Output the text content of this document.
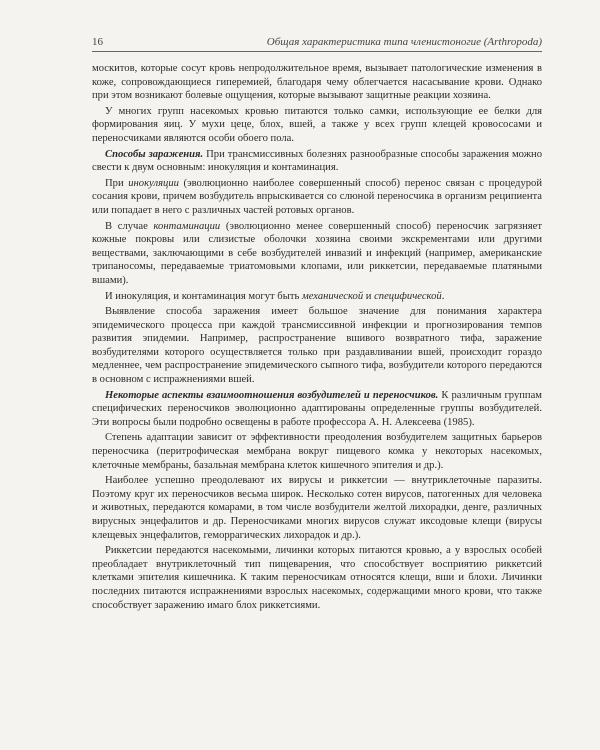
16	Общая характеристика типа членистоногие (Arthropoda)

москитов, которые сосут кровь непродолжительное время, вызывает патологические изменения в коже, сопровождающиеся гиперемией, благодаря чему облегчается насасывание крови. Однако при этом возникают болевые ощущения, которые вызывают защитные реакции хозяина.

У многих групп насекомых кровью питаются только самки, использующие ее белки для формирования яиц. У мухи цеце, блох, вшей, а также у всех групп клещей кровососами и переносчиками являются особи обоего пола.

Способы заражения. При трансмиссивных болезнях разнообразные способы заражения можно свести к двум основным: инокуляция и контаминация.

При инокуляции (эволюционно наиболее совершенный способ) перенос связан с процедурой сосания крови, причем возбудитель впрыскивается со слюной переносчика в организм реципиента или попадает в него с различных частей ротовых органов.

В случае контаминации (эволюционно менее совершенный способ) переносчик загрязняет кожные покровы или слизистые оболочки хозяина своими экскрементами или другими веществами, заключающими в себе возбудителей инвазий и инфекций (например, американские трипаносомы, передаваемые триатомовыми клопами, или риккетсии, передаваемые платяными вшами).

И инокуляция, и контаминация могут быть механической и специфической.

Выявление способа заражения имеет большое значение для понимания характера эпидемического процесса при каждой трансмиссивной инфекции и прогнозирования темпов развития эпидемии. Например, распространение вшивого возвратного тифа, заражение возбудителями которого осуществляется только при раздавливании вшей, происходит гораздо медленнее, чем распространение эпидемического сыпного тифа, возбудители которого передаются в основном с испражнениями вшей.

Некоторые аспекты взаимоотношения возбудителей и переносчиков. К различным группам специфических переносчиков эволюционно адаптированы определенные группы возбудителей. Эти вопросы были подробно освещены в работе профессора А. Н. Алексеева (1985).

Степень адаптации зависит от эффективности преодоления возбудителем защитных барьеров переносчика (перитрофическая мембрана вокруг пищевого комка у некоторых насекомых, клеточные мембраны, базальная мембрана клеток кишечного эпителия и др.).

Наиболее успешно преодолевают их вирусы и риккетсии — внутриклеточные паразиты. Поэтому круг их переносчиков весьма широк. Несколько сотен вирусов, патогенных для человека и животных, передаются комарами, в том числе возбудители желтой лихорадки, денге, различных вирусных энцефалитов и др. Переносчиками многих вирусов служат иксодовые клещи (вирусы клещевых энцефалитов, геморрагических лихорадок и др.).

Риккетсии передаются насекомыми, личинки которых питаются кровью, а у взрослых особей преобладает внутриклеточный тип пищеварения, что способствует восприятию риккетсий клетками эпителия кишечника. К таким переносчикам относятся клещи, вши и блохи. Личинки последних питаются испражнениями взрослых насекомых, содержащими много крови, что также способствует заражению имаго блох риккетсиями.
